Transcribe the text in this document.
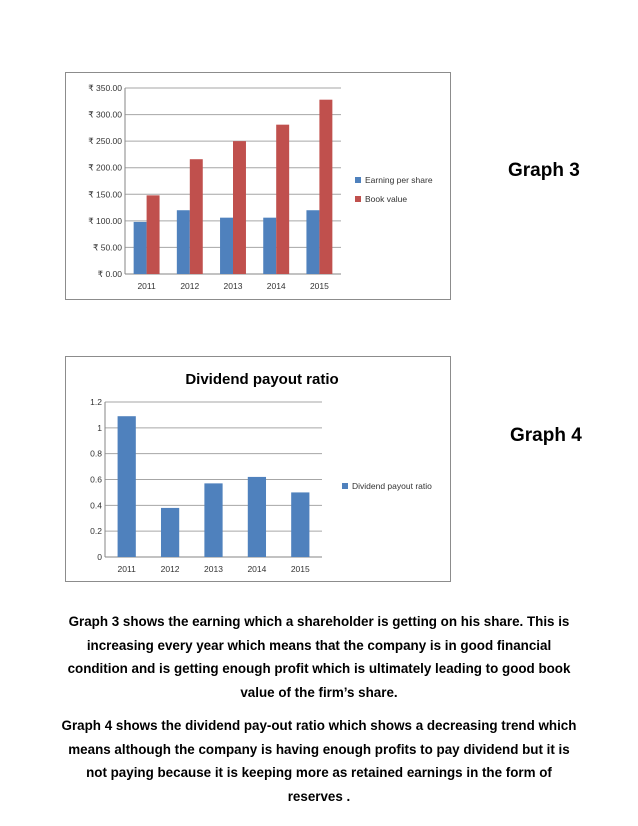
₹ 0.00
₹ 50.00
₹ 100.00
₹ 150.00
₹ 200.00
₹ 250.00
₹ 300.00
₹ 350.00
2011	2012	2013	2014	2015
Earning per share
Book value
Graph 3
Dividend payout ratio
0
0.2
0.4
0.6
0.8
1
1.2
2011	2012	2013	2014	2015
Dividend payout ratio
Graph 4
Graph 3 shows the earning which a shareholder is getting on his share. This is increasing every year which means that the company is in good financial condition and is getting enough profit which is ultimately leading to good book value of the firm’s share.
Graph 4 shows the dividend pay-out ratio which shows a decreasing trend which means although the company is having enough profits to pay dividend but it is not paying because it is keeping more as retained earnings in the form of reserves .
